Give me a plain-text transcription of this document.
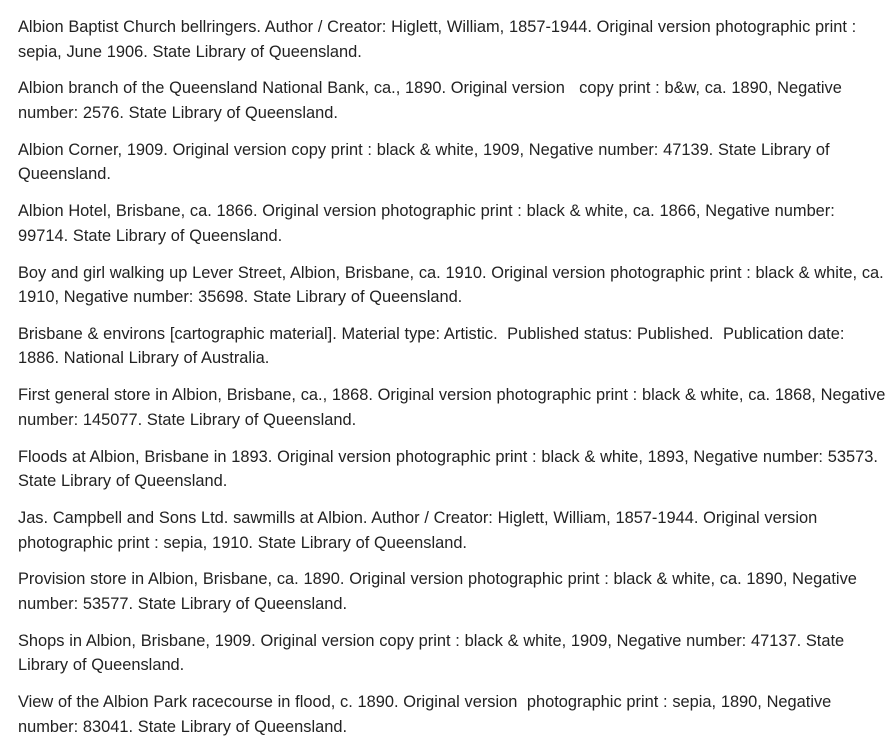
Albion Baptist Church bellringers. Author / Creator: Higlett, William, 1857-1944. Original version photographic print : sepia, June 1906. State Library of Queensland.

Albion branch of the Queensland National Bank, ca., 1890. Original version   copy print : b&w, ca. 1890, Negative number: 2576. State Library of Queensland.

Albion Corner, 1909. Original version copy print : black & white, 1909, Negative number: 47139. State Library of Queensland.

Albion Hotel, Brisbane, ca. 1866. Original version photographic print : black & white, ca. 1866, Negative number: 99714. State Library of Queensland.

Boy and girl walking up Lever Street, Albion, Brisbane, ca. 1910. Original version photographic print : black & white, ca. 1910, Negative number: 35698. State Library of Queensland.

Brisbane & environs [cartographic material]. Material type: Artistic.  Published status: Published.  Publication date: 1886. National Library of Australia.

First general store in Albion, Brisbane, ca., 1868. Original version photographic print : black & white, ca. 1868, Negative number: 145077. State Library of Queensland.

Floods at Albion, Brisbane in 1893. Original version photographic print : black & white, 1893, Negative number: 53573. State Library of Queensland.

Jas. Campbell and Sons Ltd. sawmills at Albion. Author / Creator: Higlett, William, 1857-1944. Original version photographic print : sepia, 1910. State Library of Queensland.

Provision store in Albion, Brisbane, ca. 1890. Original version photographic print : black & white, ca. 1890, Negative number: 53577. State Library of Queensland.

Shops in Albion, Brisbane, 1909. Original version copy print : black & white, 1909, Negative number: 47137. State Library of Queensland.

View of the Albion Park racecourse in flood, c. 1890. Original version  photographic print : sepia, 1890, Negative number: 83041. State Library of Queensland.
